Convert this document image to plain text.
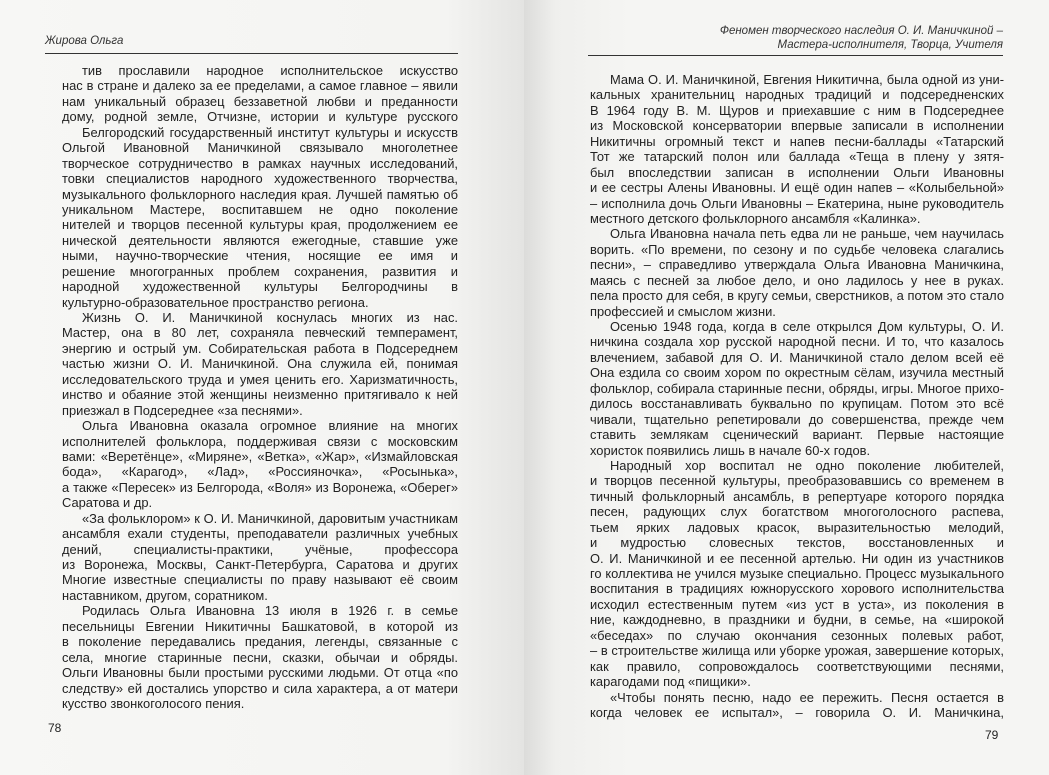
Жирова Ольга
тив прославили народное исполнительское искусство
нас в стране и далеко за ее пределами, а самое главное – явили
нам уникальный образец беззаветной любви и преданности
дому, родной земле, Отчизне, истории и культуре русского
Белгородский государственный институт культуры и искусств
Ольгой Ивановной Маничкиной связывало многолетнее
творческое сотрудничество в рамках научных исследований,
товки специалистов народного художественного творчества,
музыкального фольклорного наследия края. Лучшей памятью об
уникальном Мастере, воспитавшем не одно поколение
нителей и творцов песенной культуры края, продолжением ее
нической деятельности являются ежегодные, ставшие уже
ными, научно-творческие чтения, носящие ее имя и
решение многогранных проблем сохранения, развития и
народной художественной культуры Белгородчины в
культурно-образовательное пространство региона.
Жизнь О. И. Маничкиной коснулась многих из нас.
Мастер, она в 80 лет, сохраняла певческий темперамент,
энергию и острый ум. Собирательская работа в Подсереднем
частью жизни О. И. Маничкиной. Она служила ей, понимая
исследовательского труда и умея ценить его. Харизматичность,
инство и обаяние этой женщины неизменно притягивало к ней
приезжал в Подсереднее «за песнями».
Ольга Ивановна оказала огромное влияние на многих
исполнителей фольклора, поддерживая связи с московским
вами: «Веретёнце», «Миряне», «Ветка», «Жар», «Измайловская
бода», «Карагод», «Лад», «Россияночка», «Росынька»,
а также «Пересек» из Белгорода, «Воля» из Воронежа, «Оберег»
Саратова и др.
«За фольклором» к О. И. Маничкиной, даровитым участникам
ансамбля ехали студенты, преподаватели различных учебных
дений, специалисты-практики, учёные, профессора
из Воронежа, Москвы, Санкт-Петербурга, Саратова и других
Многие известные специалисты по праву называют её своим
наставником, другом, соратником.
Родилась Ольга Ивановна 13 июля в 1926 г. в семье
песельницы Евгении Никитичны Башкатовой, в которой из
в поколение передавались предания, легенды, связанные с
села, многие старинные песни, сказки, обычаи и обряды.
Ольги Ивановны были простыми русскими людьми. От отца «по
следству» ей достались упорство и сила характера, а от матери
кусство звонкоголосого пения.
78
Феномен творческого наследия О. И. Маничкиной –
Мастера-исполнителя, Творца, Учителя
Мама О. И. Маничкиной, Евгения Никитична, была одной из уни-
кальных хранительниц народных традиций и подсередненских
В 1964 году В. М. Щуров и приехавшие с ним в Подсереднее
из Московской консерватории впервые записали в исполнении
Никитичны огромный текст и напев песни-баллады «Татарский
Тот же татарский полон или баллада «Теща в плену у зятя-
был впоследствии записан в исполнении Ольги Ивановны
и ее сестры Алены Ивановны. И ещё один напев – «Колыбельной»
– исполнила дочь Ольги Ивановны – Екатерина, ныне руководитель
местного детского фольклорного ансамбля «Калинка».
Ольга Ивановна начала петь едва ли не раньше, чем научилась
ворить. «По времени, по сезону и по судьбе человека слагались
песни», – справедливо утверждала Ольга Ивановна Маничкина,
маясь с песней за любое дело, и оно ладилось у нее в руках.
пела просто для себя, в кругу семьи, сверстников, а потом это стало
профессией и смыслом жизни.
Осенью 1948 года, когда в селе открылся Дом культуры, О. И.
ничкина создала хор русской народной песни. И то, что казалось
влечением, забавой для О. И. Маничкиной стало делом всей её
Она ездила со своим хором по окрестным сёлам, изучила местный
фольклор, собирала старинные песни, обряды, игры. Многое прихо-
дилось восстанавливать буквально по крупицам. Потом это всё
чивали, тщательно репетировали до совершенства, прежде чем
ставить землякам сценический вариант. Первые настоящие
хористок появились лишь в начале 60-х годов.
Народный хор воспитал не одно поколение любителей,
и творцов песенной культуры, преобразовавшись со временем в
тичный фольклорный ансамбль, в репертуаре которого порядка
песен, радующих слух богатством многоголосного распева,
тьем ярких ладовых красок, выразительностью мелодий,
и мудростью словесных текстов, восстановленных и
О. И. Маничкиной и ее песенной артелью. Ни один из участников
го коллектива не учился музыке специально. Процесс музыкального
воспитания в традициях южнорусского хорового исполнительства
исходил естественным путем «из уст в уста», из поколения в
ние, каждодневно, в праздники и будни, в семье, на «широкой
«беседах» по случаю окончания сезонных полевых работ,
– в строительстве жилища или уборке урожая, завершение которых,
как правило, сопровождалось соответствующими песнями,
карагодами под «пищики».
«Чтобы понять песню, надо ее пережить. Песня остается в
когда человек ее испытал», – говорила О. И. Маничкина,
79
